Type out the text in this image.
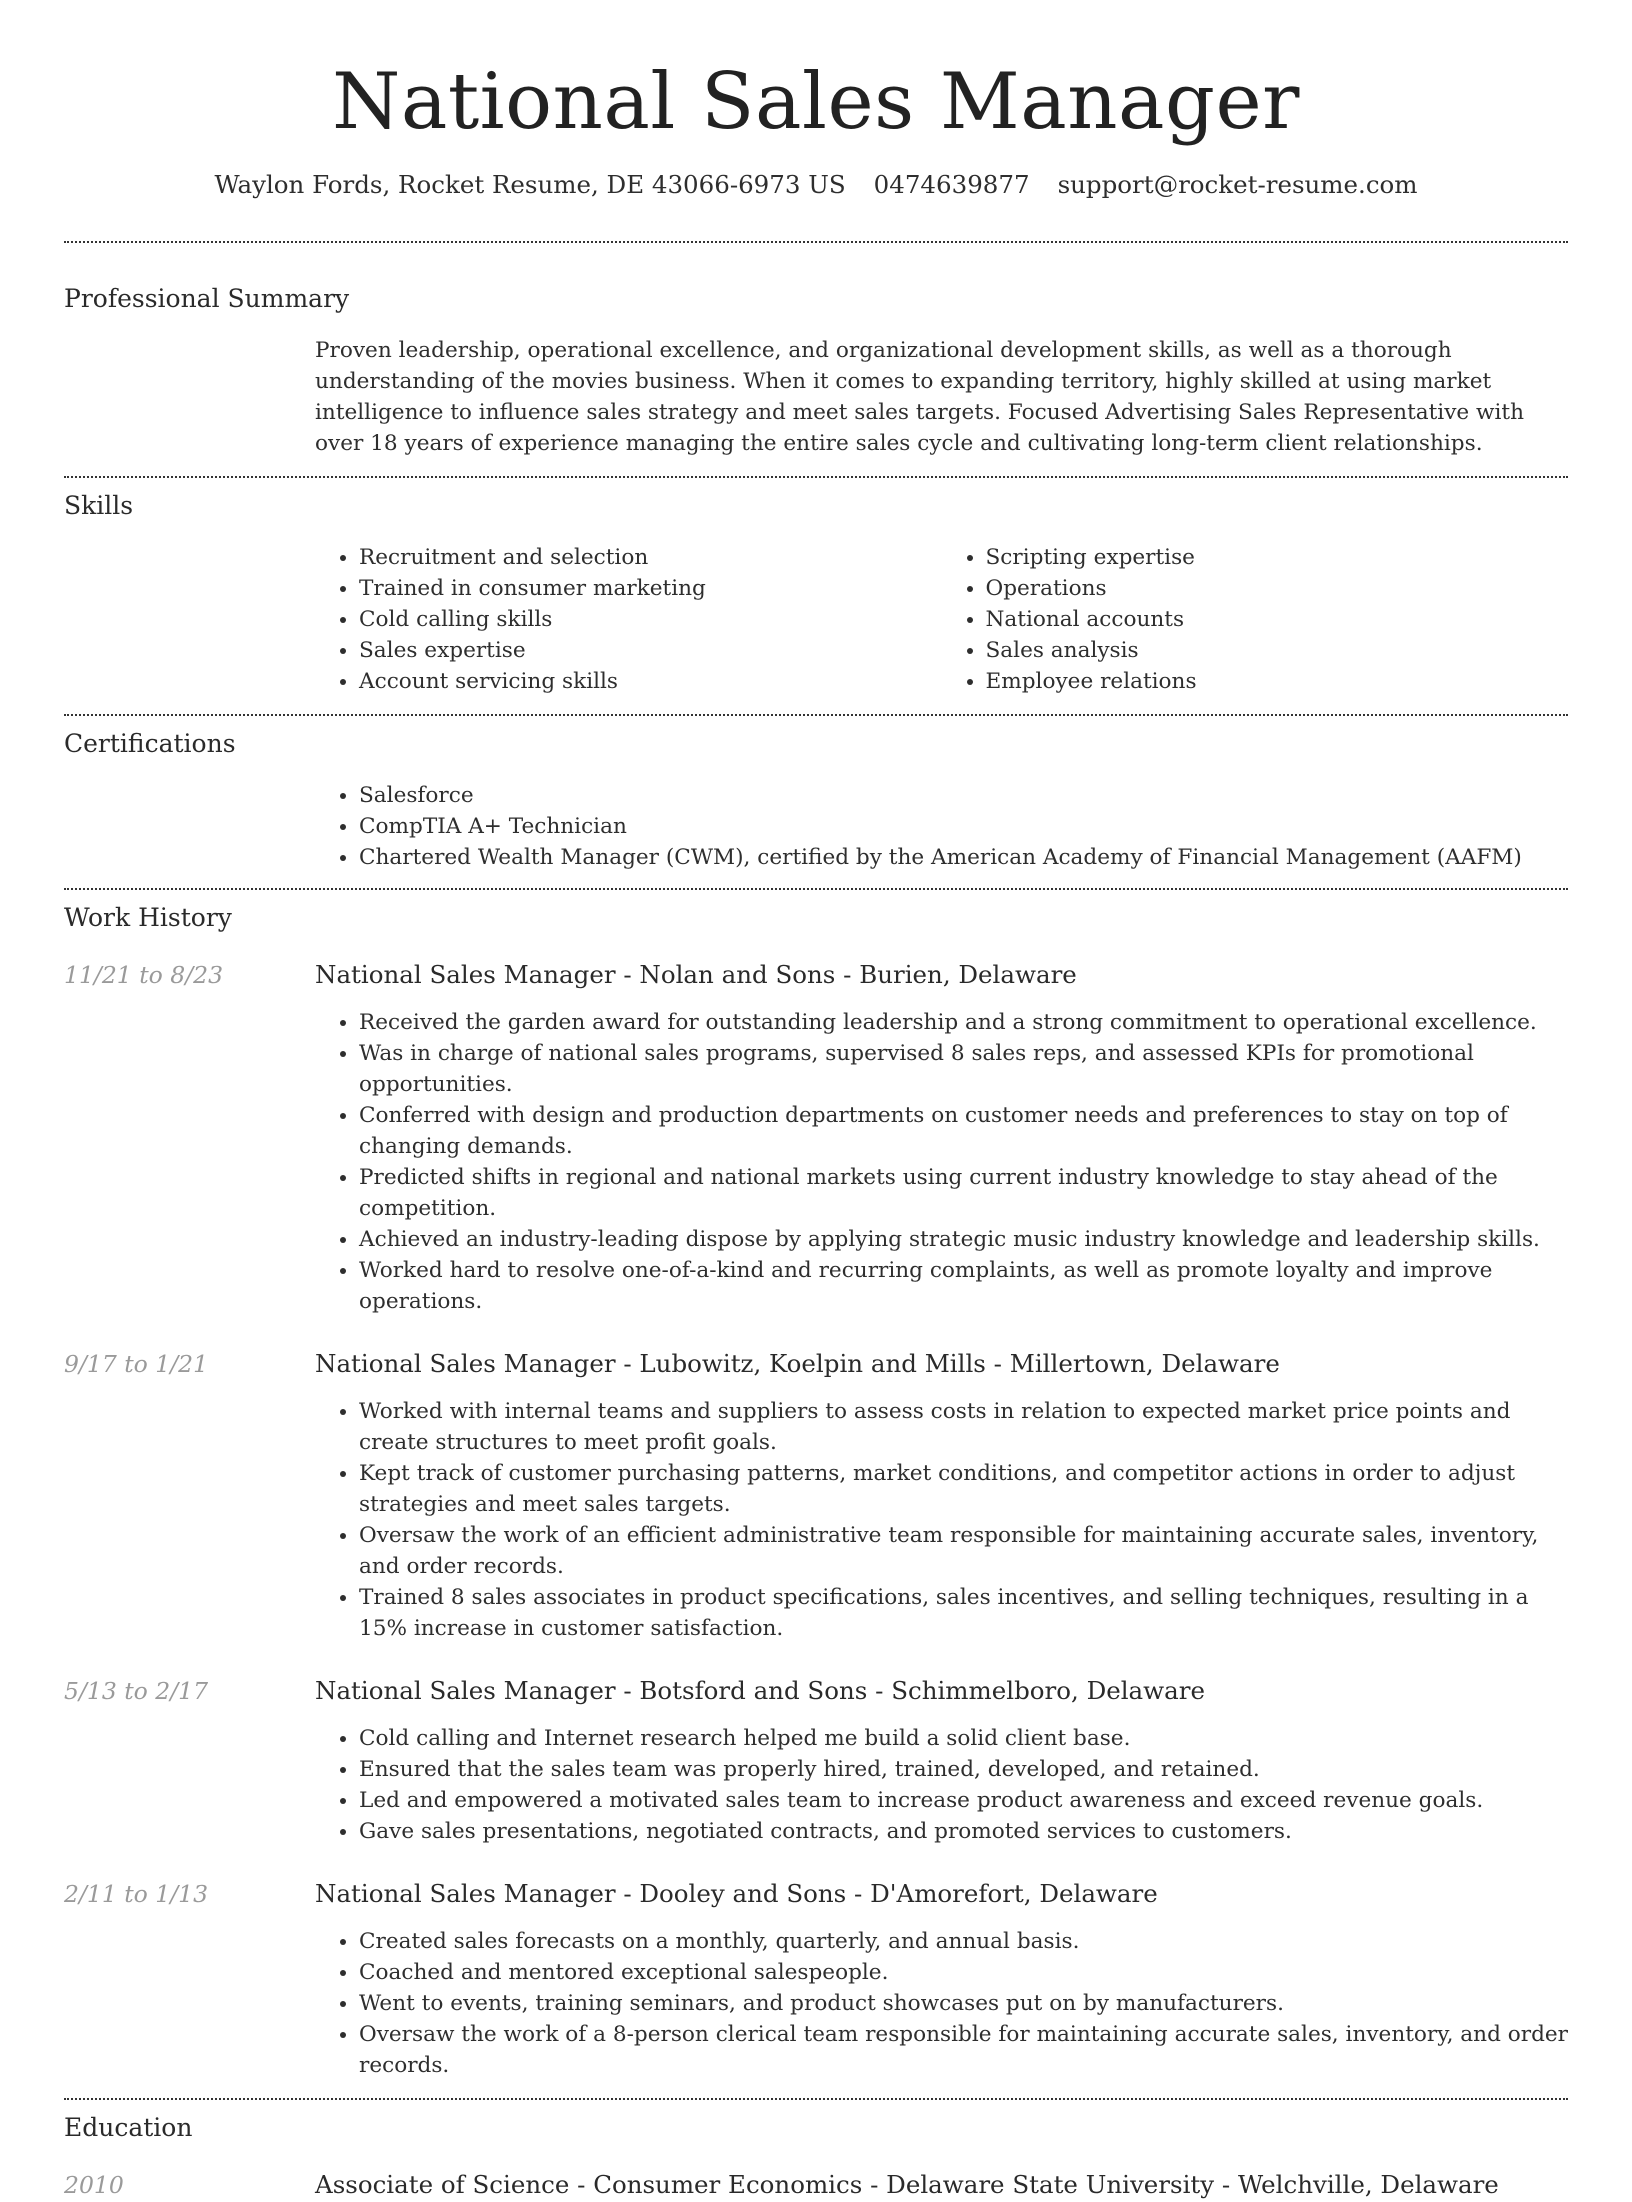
National Sales Manager
Waylon Fords, Rocket Resume, DE 43066-6973 US 0474639877 support@rocket-resume.com
Professional Summary

Proven leadership, operational excellence, and organizational development skills, as well as a thorough understanding of the movies business. When it comes to expanding territory, highly skilled at using market intelligence to influence sales strategy and meet sales targets. Focused Advertising Sales Representative with over 18 years of experience managing the entire sales cycle and cultivating long-term client relationships.

Skills
• Recruitment and selection
• Trained in consumer marketing
• Cold calling skills
• Sales expertise
• Account servicing skills
• Scripting expertise
• Operations
• National accounts
• Sales analysis
• Employee relations
Certifications
• Salesforce
• CompTIA A+ Technician
• Chartered Wealth Manager (CWM), certified by the American Academy of Financial Management (AAFM)
Work History
11/21 to 8/23	National Sales Manager - Nolan and Sons - Burien, Delaware
• Received the garden award for outstanding leadership and a strong commitment to operational excellence.
• Was in charge of national sales programs, supervised 8 sales reps, and assessed KPIs for promotional opportunities.
• Conferred with design and production departments on customer needs and preferences to stay on top of changing demands.
• Predicted shifts in regional and national markets using current industry knowledge to stay ahead of the competition.
• Achieved an industry-leading dispose by applying strategic music industry knowledge and leadership skills.
• Worked hard to resolve one-of-a-kind and recurring complaints, as well as promote loyalty and improve operations.
9/17 to 1/21	National Sales Manager - Lubowitz, Koelpin and Mills - Millertown, Delaware
• Worked with internal teams and suppliers to assess costs in relation to expected market price points and create structures to meet profit goals.
• Kept track of customer purchasing patterns, market conditions, and competitor actions in order to adjust strategies and meet sales targets.
• Oversaw the work of an efficient administrative team responsible for maintaining accurate sales, inventory, and order records.
• Trained 8 sales associates in product specifications, sales incentives, and selling techniques, resulting in a 15% increase in customer satisfaction.
5/13 to 2/17	National Sales Manager - Botsford and Sons - Schimmelboro, Delaware
• Cold calling and Internet research helped me build a solid client base.
• Ensured that the sales team was properly hired, trained, developed, and retained.
• Led and empowered a motivated sales team to increase product awareness and exceed revenue goals.
• Gave sales presentations, negotiated contracts, and promoted services to customers.
2/11 to 1/13	National Sales Manager - Dooley and Sons - D'Amorefort, Delaware
• Created sales forecasts on a monthly, quarterly, and annual basis.
• Coached and mentored exceptional salespeople.
• Went to events, training seminars, and product showcases put on by manufacturers.
• Oversaw the work of a 8-person clerical team responsible for maintaining accurate sales, inventory, and order records.
Education
2010	Associate of Science - Consumer Economics - Delaware State University - Welchville, Delaware
